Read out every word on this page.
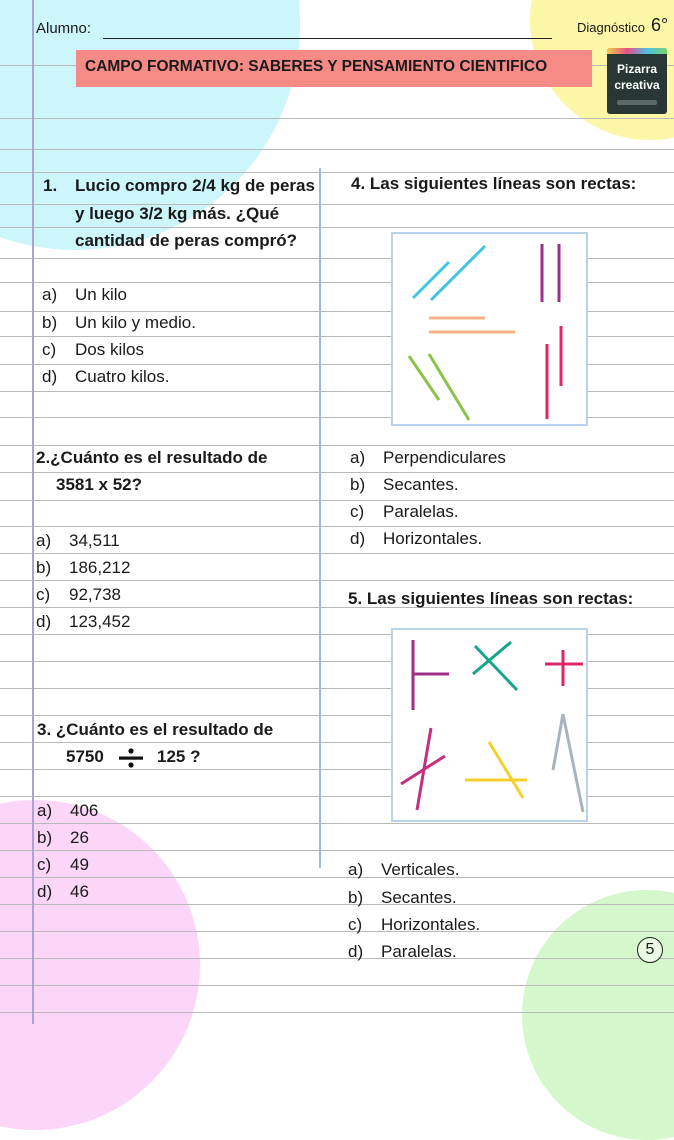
Alumno:	Diagnóstico 6°
CAMPO FORMATIVO: SABERES Y PENSAMIENTO CIENTIFICO	Pizarra
creativa
1. Lucio compro 2/4 kg de peras
y luego 3/2 kg más. ¿Qué
cantidad de peras compró?
a) Un kilo
b) Un kilo y medio.
c) Dos kilos
d) Cuatro kilos.
2.¿Cuánto es el resultado de
3581 x 52?
a) 34,511
b) 186,212
c) 92,738
d) 123,452
3. ¿Cuánto es el resultado de
5750	125 ?
a) 406
b) 26
c) 49
d) 46
4. Las siguientes líneas son rectas:
a) Perpendiculares
b) Secantes.
c) Paralelas.
d) Horizontales.
5. Las siguientes líneas son rectas:
a) Verticales.
b) Secantes.
c) Horizontales.
d) Paralelas.	5
